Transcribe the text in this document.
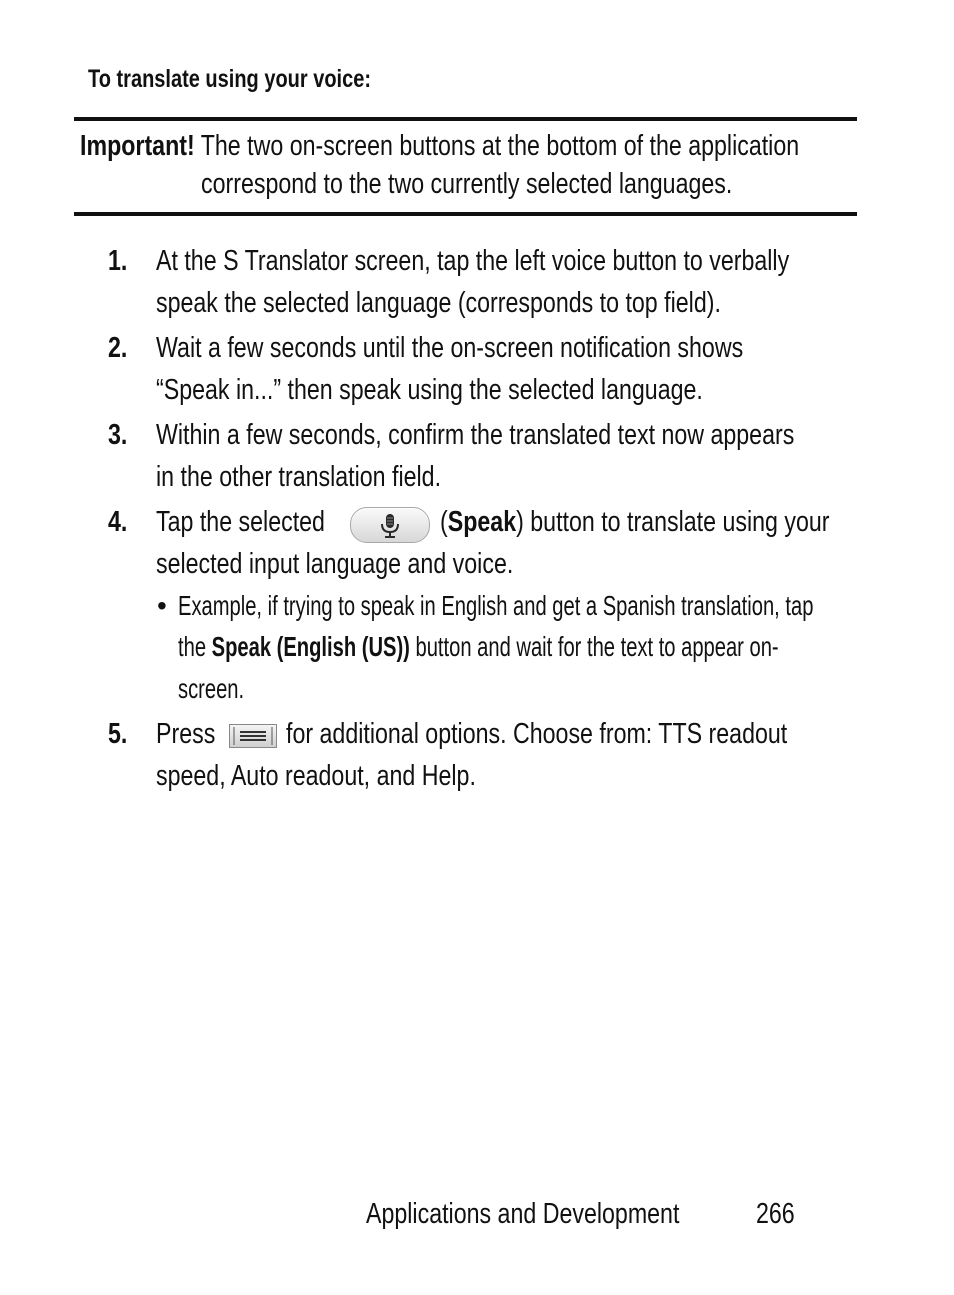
To translate using your voice:
Important! The two on-screen buttons at the bottom of the application
correspond to the two currently selected languages.
1. At the S Translator screen, tap the left voice button to verbally
speak the selected language (corresponds to top field).
2. Wait a few seconds until the on-screen notification shows
“Speak in...” then speak using the selected language.
3. Within a few seconds, confirm the translated text now appears
in the other translation field.
4. Tap the selected	(Speak) button to translate using your
selected input language and voice.
• Example, if trying to speak in English and get a Spanish translation, tap
the Speak (English (US)) button and wait for the text to appear on-
screen.
5. Press	for additional options. Choose from: TTS readout
speed, Auto readout, and Help.
Applications and Development	266
